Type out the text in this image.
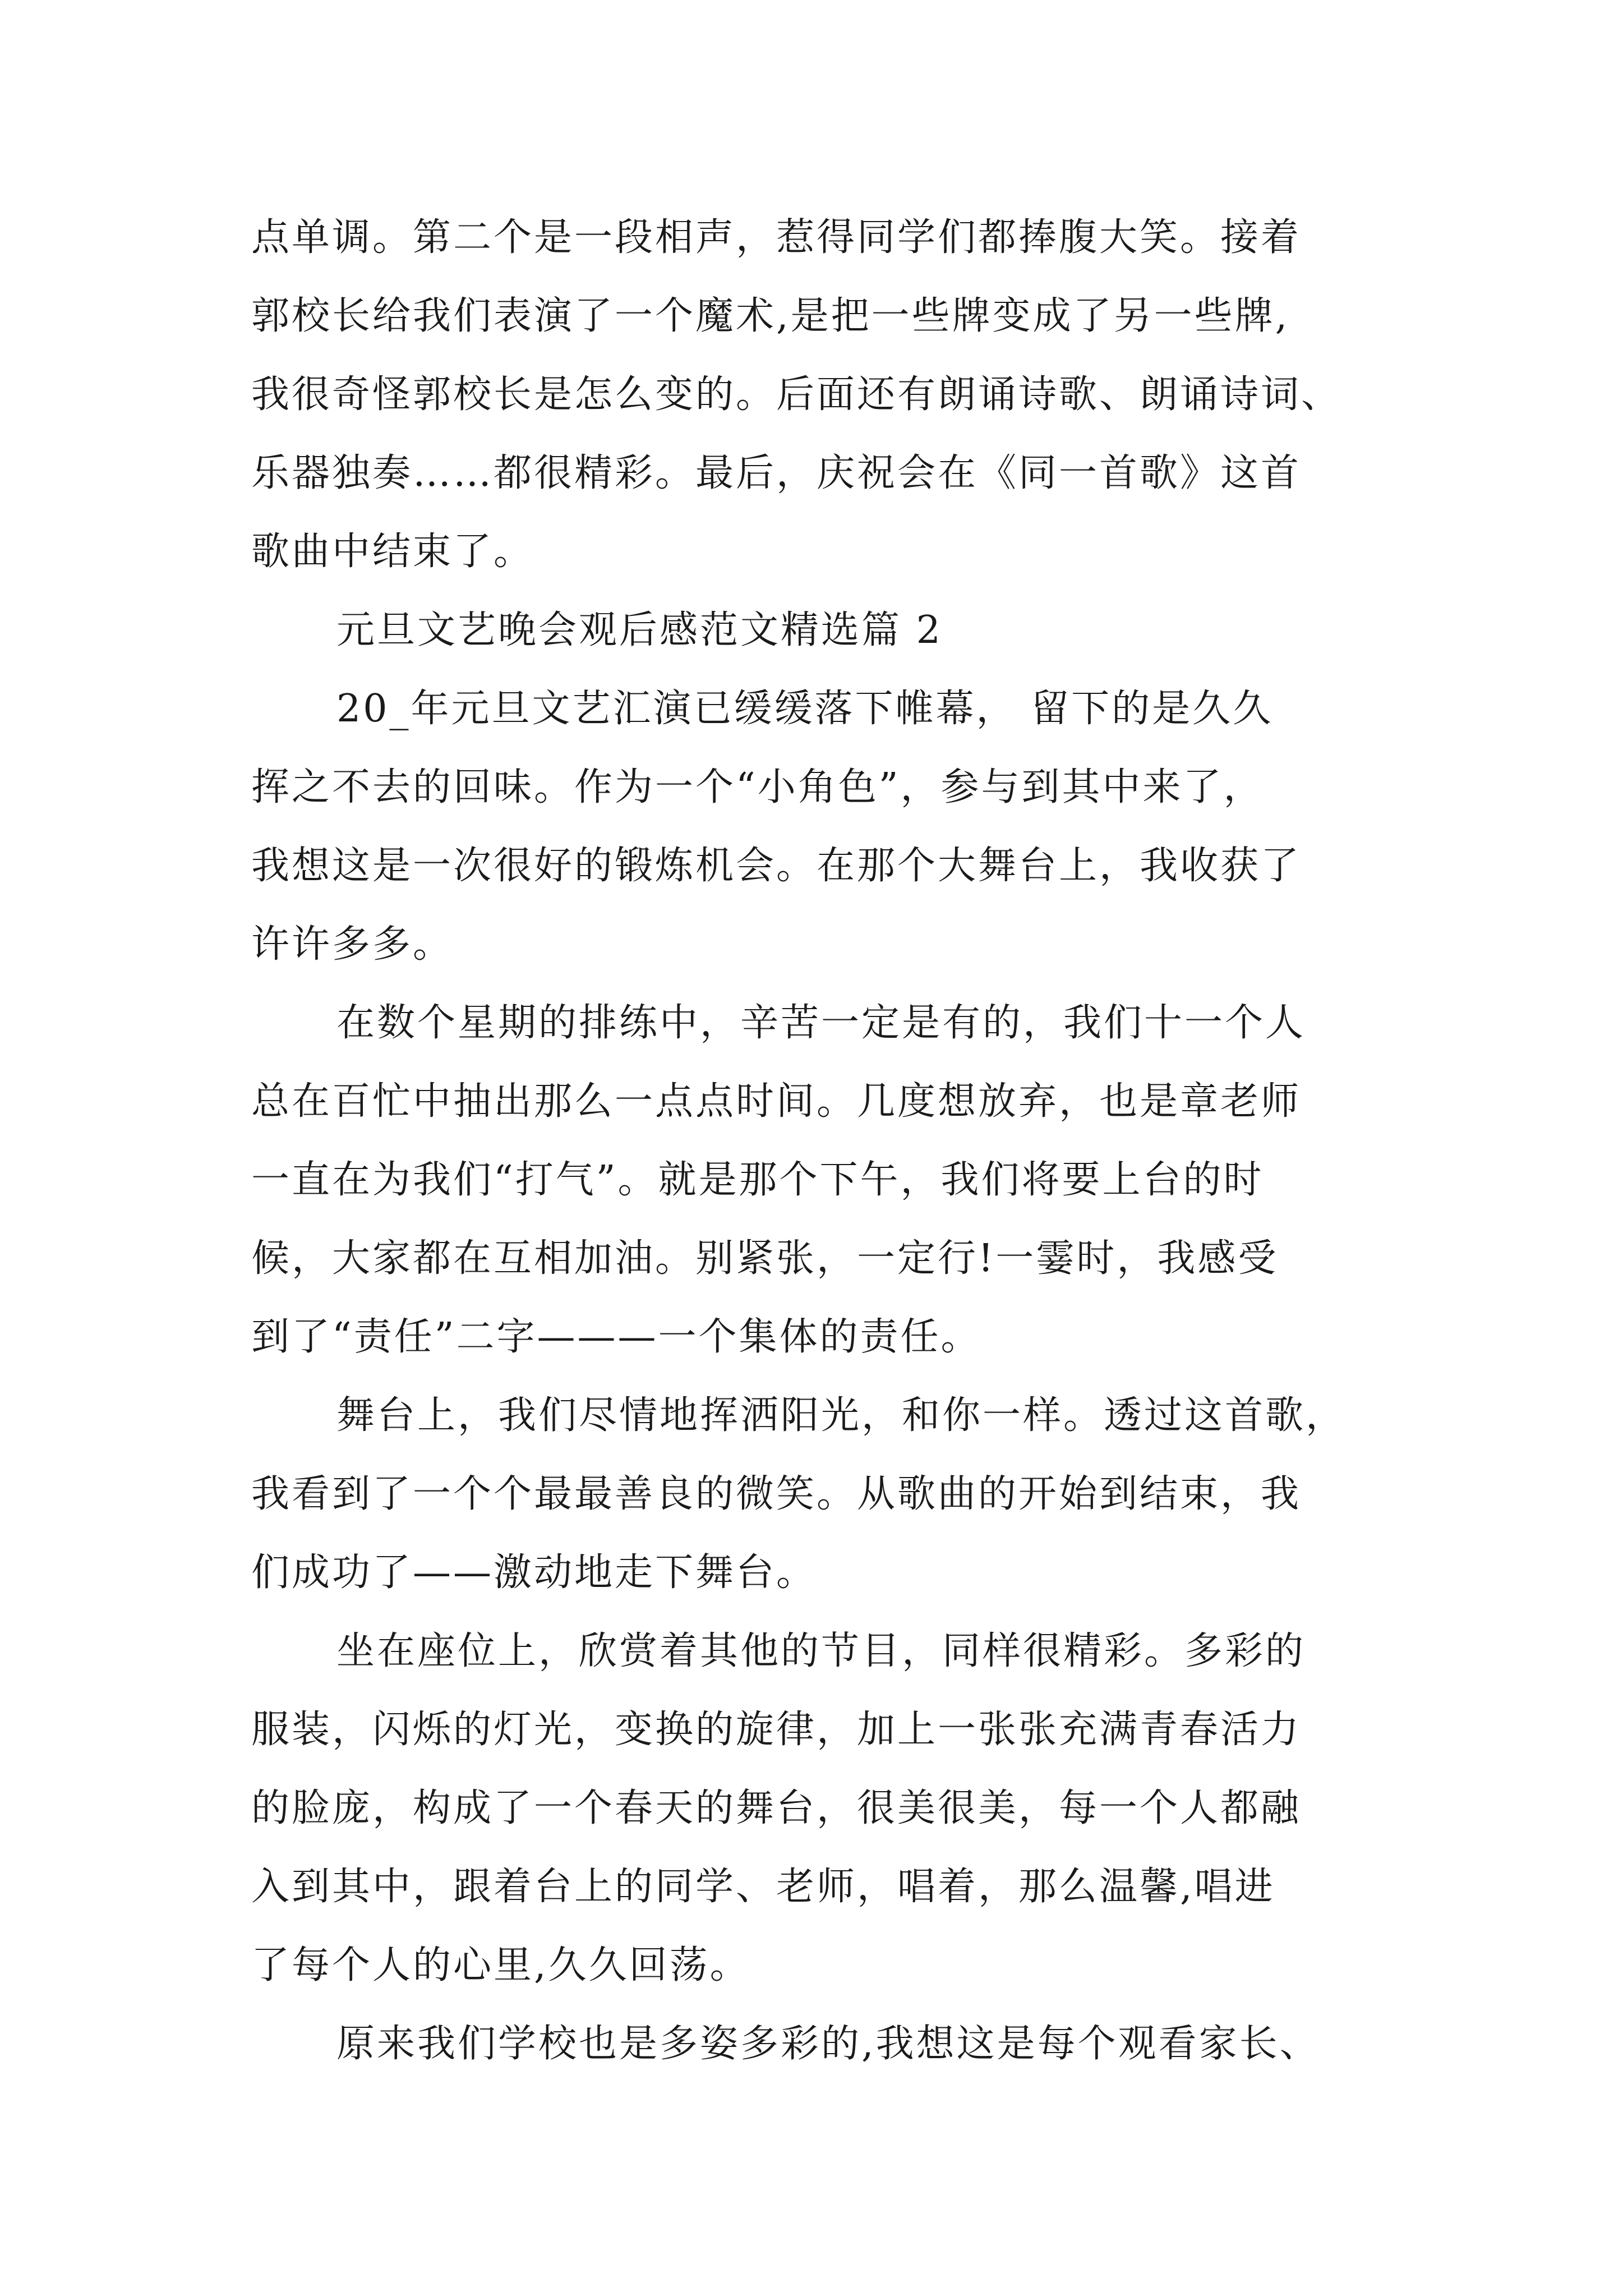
点单调。第二个是一段相声，惹得同学们都捧腹大笑。接着
郭校长给我们表演了一个魔术,是把一些牌变成了另一些牌,
我很奇怪郭校长是怎么变的。后面还有朗诵诗歌、朗诵诗词、
乐器独奏……都很精彩。最后，庆祝会在《同一首歌》这首
歌曲中结束了。
元旦文艺晚会观后感范文精选篇 2
20_年元旦文艺汇演已缓缓落下帷幕， 留下的是久久
挥之不去的回味。作为一个“小角色”，参与到其中来了，
我想这是一次很好的锻炼机会。在那个大舞台上，我收获了
许许多多。
在数个星期的排练中，辛苦一定是有的，我们十一个人
总在百忙中抽出那么一点点时间。几度想放弃，也是章老师
一直在为我们“打气”。就是那个下午，我们将要上台的时
候，大家都在互相加油。别紧张，一定行!一霎时，我感受
到了“责任”二字———一个集体的责任。
舞台上，我们尽情地挥洒阳光，和你一样。透过这首歌，
我看到了一个个最最善良的微笑。从歌曲的开始到结束，我
们成功了——激动地走下舞台。
坐在座位上，欣赏着其他的节目，同样很精彩。多彩的
服装，闪烁的灯光，变换的旋律，加上一张张充满青春活力
的脸庞，构成了一个春天的舞台，很美很美，每一个人都融
入到其中，跟着台上的同学、老师，唱着，那么温馨,唱进
了每个人的心里,久久回荡。
原来我们学校也是多姿多彩的,我想这是每个观看家长、
